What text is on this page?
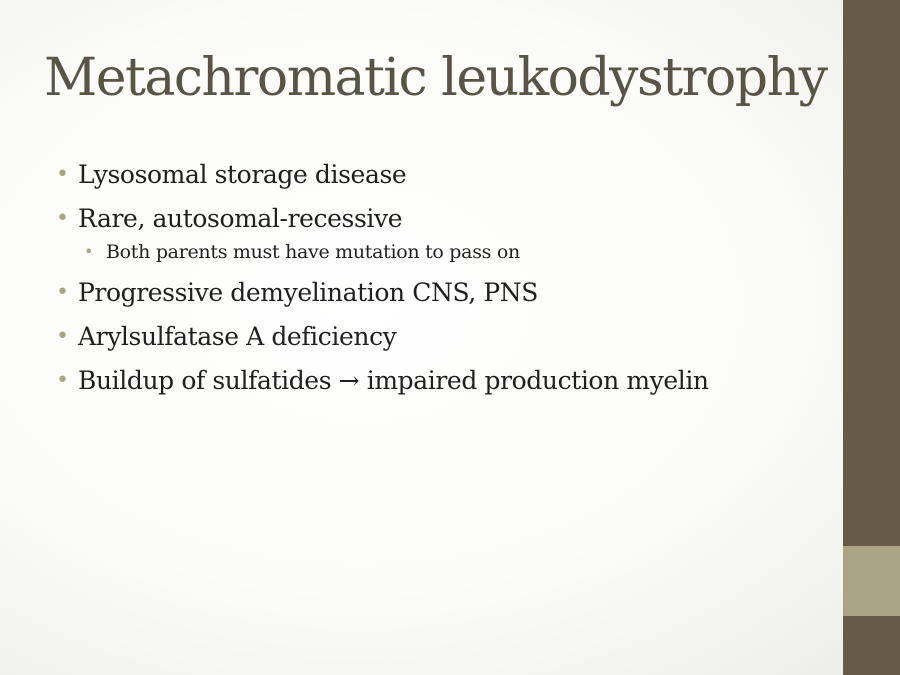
Metachromatic leukodystrophy
• Lysosomal storage disease
• Rare, autosomal-recessive
• Both parents must have mutation to pass on
• Progressive demyelination CNS, PNS
• Arylsulfatase A deficiency
• Buildup of sulfatides → impaired production myelin
